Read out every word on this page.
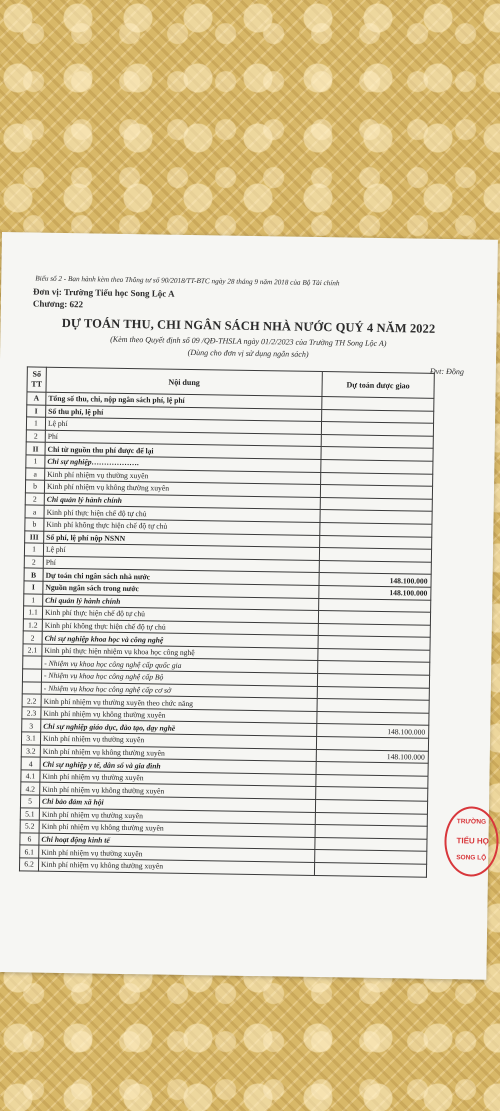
Biểu số 2 - Ban hành kèm theo Thông tư số 90/2018/TT-BTC ngày 28 tháng 9 năm 2018 của Bộ Tài chính
Đơn vị: Trường Tiểu học Song Lộc A
Chương: 622
DỰ TOÁN THU, CHI NGÂN SÁCH NHÀ NƯỚC QUÝ 4 NĂM 2022
(Kèm theo Quyết định số 09 /QĐ-THSLA ngày 01/2/2023 của Trường TH Song Lộc A)
(Dùng cho đơn vị sử dụng ngân sách)
Đvt: Đồng
Số TT	Nội dung	Dự toán được giao
A	Tổng số thu, chi, nộp ngân sách phí, lệ phí	
I	Số thu phí, lệ phí	
1	Lệ phí	
2	Phí	
II	Chi từ nguồn thu phí được để lại	
1	Chi sự nghiệp……………….	
a	Kinh phí nhiệm vụ thường xuyên	
b	Kinh phí nhiệm vụ không thường xuyên	
2	Chi quản lý hành chính	
a	Kinh phí thực hiện chế độ tự chủ	
b	Kinh phí không thực hiện chế độ tự chủ	
III	Số phí, lệ phí nộp NSNN	
1	Lệ phí	
2	Phí	
B	Dự toán chi ngân sách nhà nước	148.100.000
I	Nguồn ngân sách trong nước	148.100.000
1	Chi quản lý hành chính	
1.1	Kinh phí thực hiện chế độ tự chủ	
1.2	Kinh phí không thực hiện chế độ tự chủ	
2	Chi sự nghiệp khoa học và công nghệ	
2.1	Kinh phí thực hiện nhiệm vụ khoa học công nghệ	
	- Nhiệm vụ khoa học công nghệ cấp quốc gia	
	- Nhiệm vụ khoa học công nghệ cấp Bộ	
	- Nhiệm vụ khoa học công nghệ cấp cơ sở	
2.2	Kinh phí nhiệm vụ thường xuyên theo chức năng	
2.3	Kinh phí nhiệm vụ không thường xuyên	
3	Chi sự nghiệp giáo dục, đào tạo, dạy nghề	148.100.000
3.1	Kinh phí nhiệm vụ thường xuyên	
3.2	Kinh phí nhiệm vụ không thường xuyên	148.100.000
4	Chi sự nghiệp y tế, dân số và gia đình	
4.1	Kinh phí nhiệm vụ thường xuyên	
4.2	Kinh phí nhiệm vụ không thường xuyên	
5	Chi bảo đảm xã hội	
5.1	Kinh phí nhiệm vụ thường xuyên	
5.2	Kinh phí nhiệm vụ không thường xuyên	
6	Chi hoạt động kinh tế	
6.1	Kinh phí nhiệm vụ thường xuyên	
6.2	Kinh phí nhiệm vụ không thường xuyên	
TRƯỜNG
TIỂU HỌ
SONG LỘ
